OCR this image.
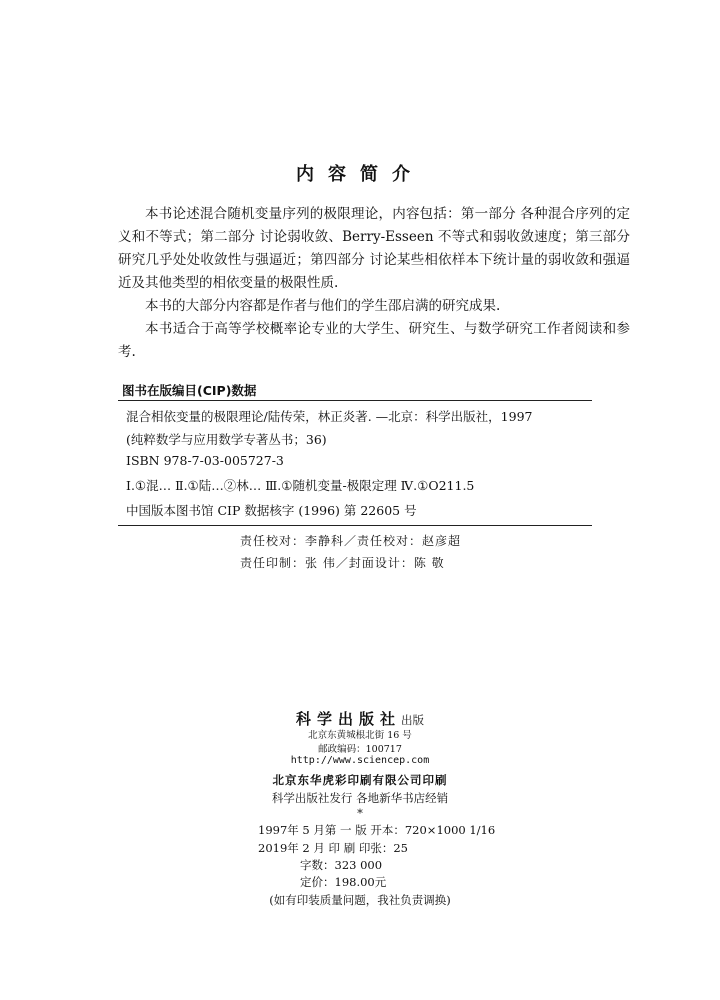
内容简介

本书论述混合随机变量序列的极限理论，内容包括：第一部分 各种混合序列的定义和不等式；第二部分 讨论弱收敛、Berry-Esseen 不等式和弱收敛速度；第三部分 研究几乎处处收敛性与强逼近；第四部分 讨论某些相依样本下统计量的弱收敛和强逼近及其他类型的相依变量的极限性质.

本书的大部分内容都是作者与他们的学生邵启满的研究成果.

本书适合于高等学校概率论专业的大学生、研究生、与数学研究工作者阅读和参考.

图书在版编目(CIP)数据
混合相依变量的极限理论/陆传荣，林正炎著. —北京：科学出版社，1997
(纯粹数学与应用数学专著丛书；36)
ISBN 978-7-03-005727-3
Ⅰ.①混… Ⅱ.①陆…②林… Ⅲ.①随机变量-极限定理 Ⅳ.①O211.5
中国版本图书馆 CIP 数据核字 (1996) 第 22605 号
责任校对：李静科／责任校对：赵彦超
责任印制：张 伟／封面设计：陈 敬
科学出版社出版
北京东黄城根北街 16 号
邮政编码：100717
http://www.sciencep.com
北京东华虎彩印刷有限公司印刷
科学出版社发行 各地新华书店经销
*
1997年 5 月第 一 版 开本：720×1000 1/16
2019年 2 月 印 刷 印张：25
字数：323 000
定价：198.00元
(如有印装质量问题，我社负责调换)
